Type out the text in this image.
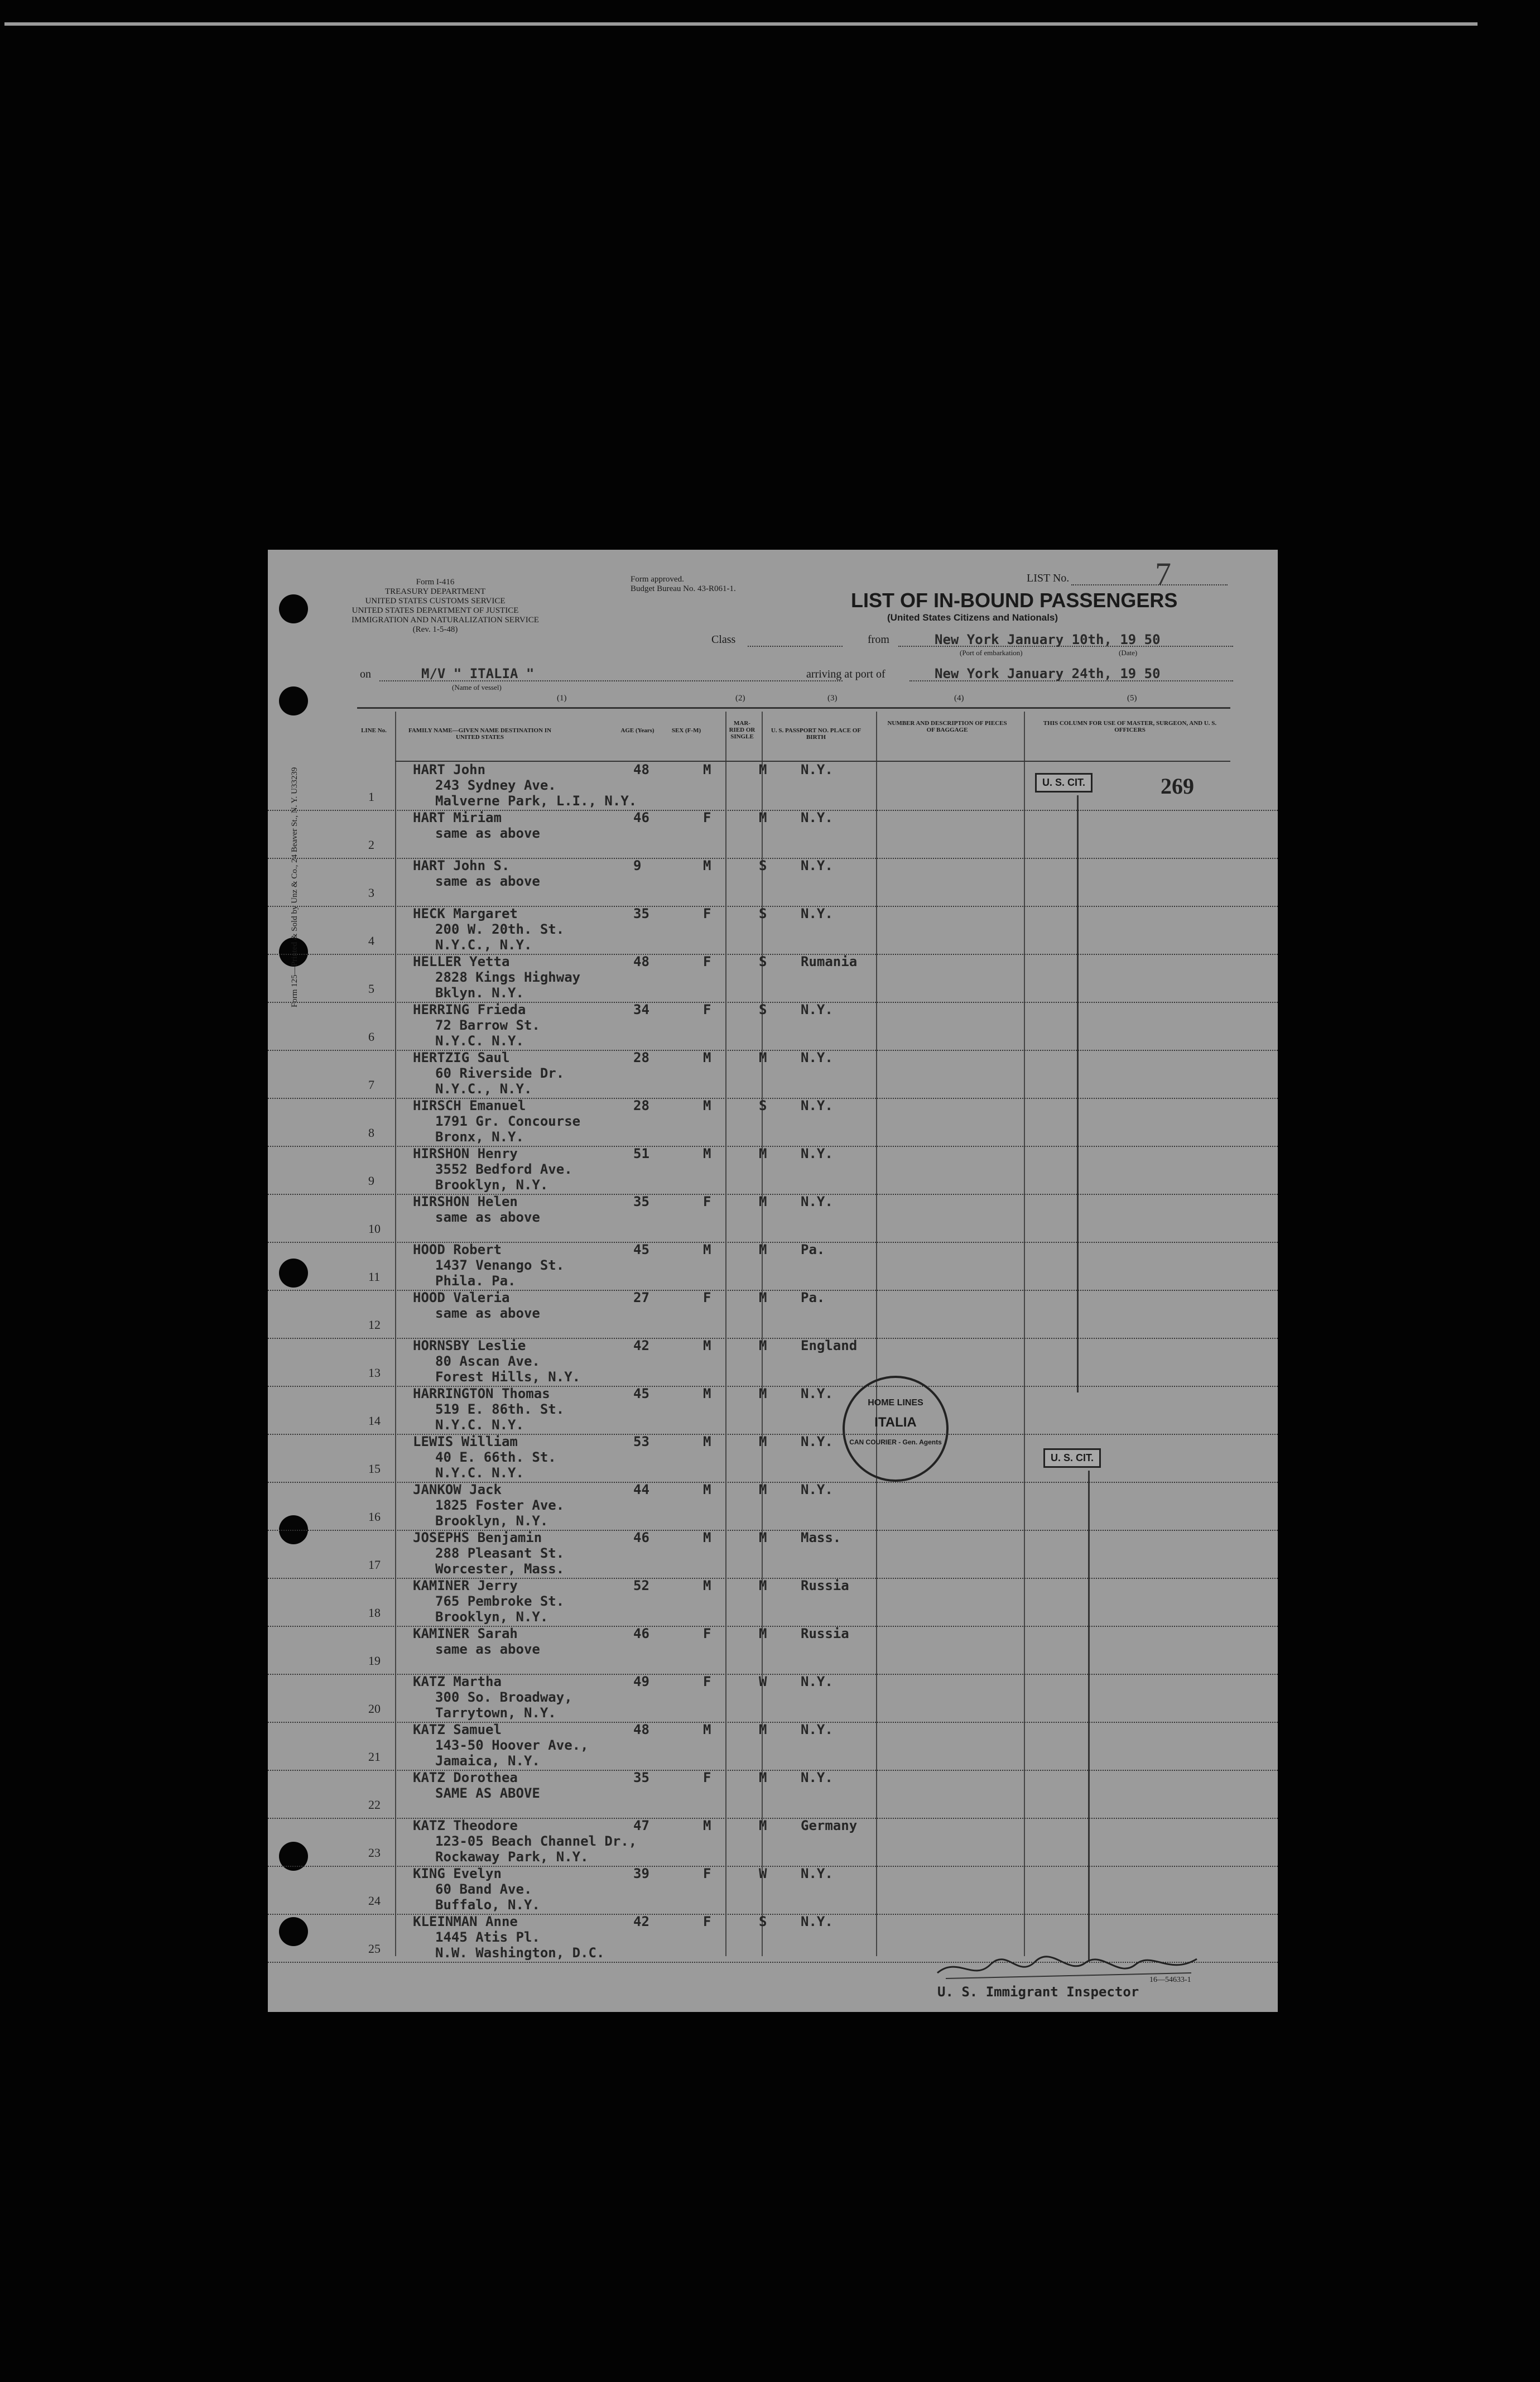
Form 125—Printed & Sold by Unz & Co., 24 Beaver St., N. Y. U33239
Form I-416
TREASURY DEPARTMENT
UNITED STATES CUSTOMS SERVICE
UNITED STATES DEPARTMENT OF JUSTICE
IMMIGRATION AND NATURALIZATION SERVICE
(Rev. 1-5-48)
Form approved.
Budget Bureau No. 43-R061-1.
LIST No.	7
LIST OF IN-BOUND PASSENGERS
(United States Citizens and Nationals)
Class	from	New York January 10th, 19 50
(Port of embarkation)	(Date)
on	M/V " ITALIA "
(Name of vessel)
arriving at port of	New York January 24th, 19 50
(1)	(2)	(3)	(4)	(5)
LINE No.	FAMILY NAME—GIVEN NAME DESTINATION IN UNITED STATES
AGE (Years)	SEX (F-M)
MAR-RIED OR SINGLE
U. S. PASSPORT NO. PLACE OF BIRTH
NUMBER AND DESCRIPTION OF PIECES OF BAGGAGE
THIS COLUMN FOR USE OF MASTER, SURGEON, AND U. S. OFFICERS
1
HART John
243 Sydney Ave.
Malverne Park, L.I., N.Y.
48	M	M	N.Y.
2
HART Miriam
same as above
46	F	M	N.Y.
3
HART John S.
same as above
9	M	S	N.Y.
4
HECK Margaret
200 W. 20th. St.
N.Y.C., N.Y.
35	F	S	N.Y.
5
HELLER Yetta
2828 Kings Highway
Bklyn. N.Y.
48	F	S	Rumania
6
HERRING Frieda
72 Barrow St.
N.Y.C. N.Y.
34	F	S	N.Y.
7
HERTZIG Saul
60 Riverside Dr.
N.Y.C., N.Y.
28	M	M	N.Y.
8
HIRSCH Emanuel
1791 Gr. Concourse
Bronx, N.Y.
28	M	S	N.Y.
9
HIRSHON Henry
3552 Bedford Ave.
Brooklyn, N.Y.
51	M	M	N.Y.
10
HIRSHON Helen
same as above
35	F	M	N.Y.
11
HOOD Robert
1437 Venango St.
Phila. Pa.
45	M	M	Pa.
12
HOOD Valeria
same as above
27	F	M	Pa.
13
HORNSBY Leslie
80 Ascan Ave.
Forest Hills, N.Y.
42	M	M	England
14
HARRINGTON Thomas
519 E. 86th. St.
N.Y.C. N.Y.
45	M	M	N.Y.
15
LEWIS William
40 E. 66th. St.
N.Y.C. N.Y.
53	M	M	N.Y.
16
JANKOW Jack
1825 Foster Ave.
Brooklyn, N.Y.
44	M	M	N.Y.
17
JOSEPHS Benjamin
288 Pleasant St.
Worcester, Mass.
46	M	M	Mass.
18
KAMINER Jerry
765 Pembroke St.
Brooklyn, N.Y.
52	M	M	Russia
19
KAMINER Sarah
same as above
46	F	M	Russia
20
KATZ Martha
300 So. Broadway,
Tarrytown, N.Y.
49	F	W	N.Y.
21
KATZ Samuel
143-50 Hoover Ave.,
Jamaica, N.Y.
48	M	M	N.Y.
22
KATZ Dorothea
SAME AS ABOVE
35	F	M	N.Y.
23
KATZ Theodore
123-05 Beach Channel Dr.,
Rockaway Park, N.Y.
47	M	M	Germany
24
KING Evelyn
60 Band Ave.
Buffalo, N.Y.
39	F	W	N.Y.
25
KLEINMAN Anne
1445 Atis Pl.
N.W. Washington, D.C.
42	F	S	N.Y.
U. S. CIT.	269
U. S. CIT.
HOME LINES
ITALIA
CAN COURIER - Gen. Agents
U. S. Immigrant Inspector
16—54633-1
